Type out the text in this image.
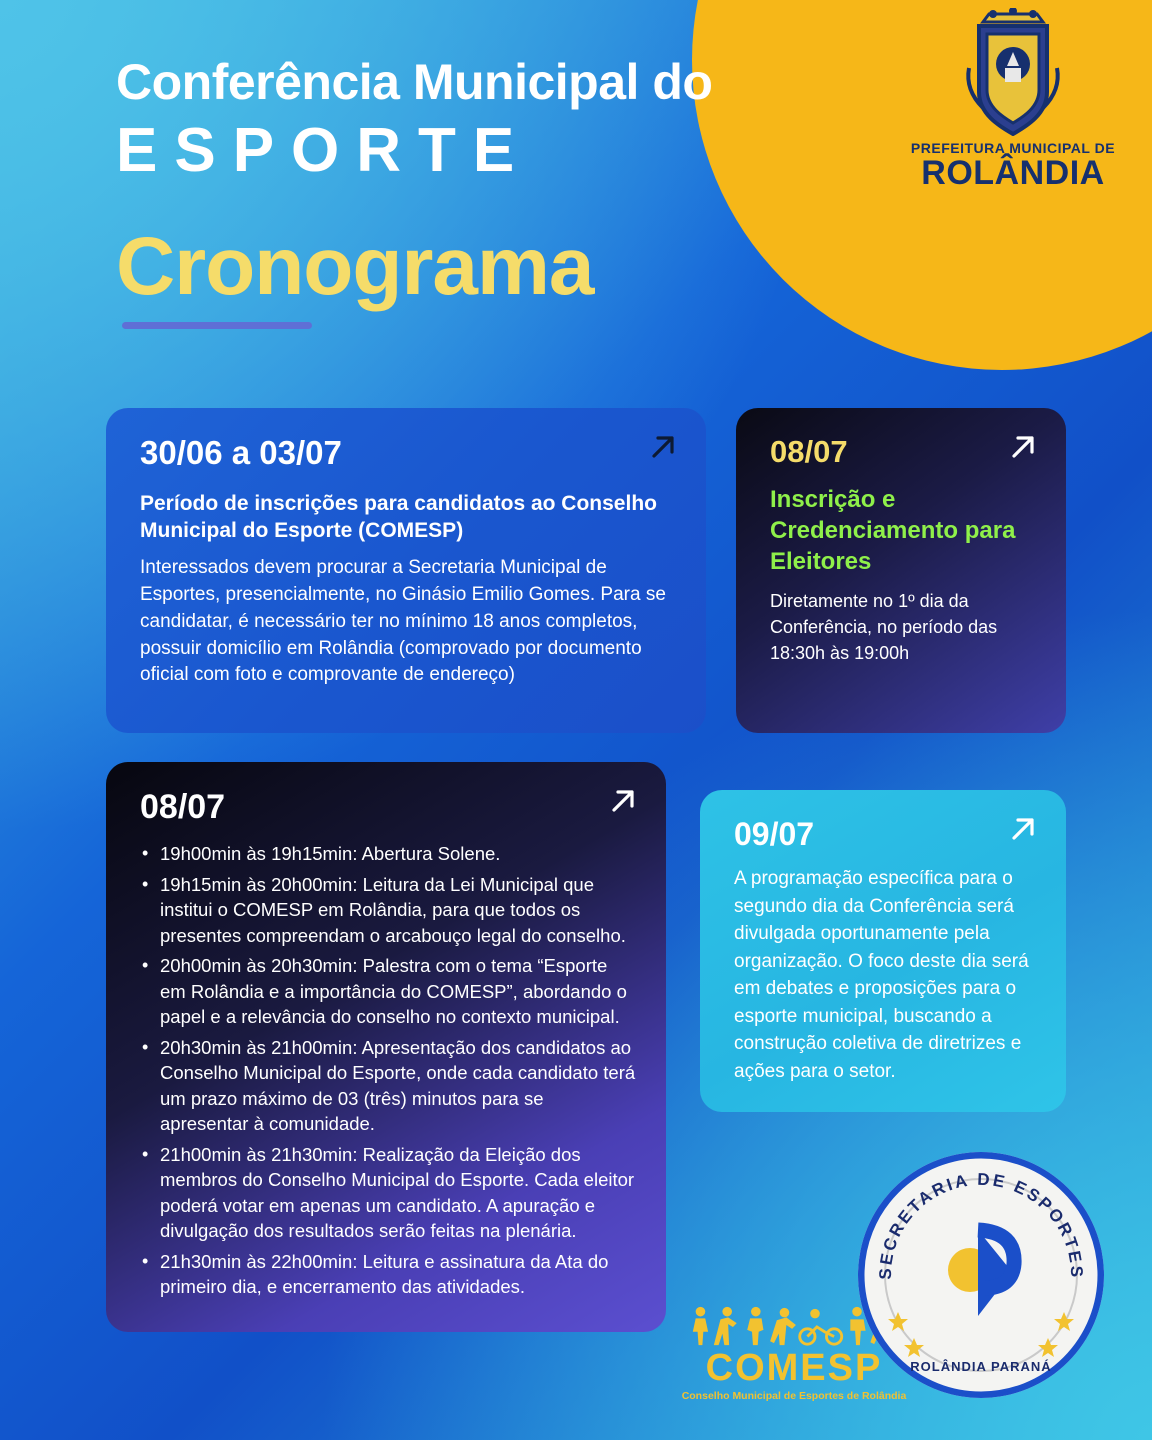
PREFEITURA MUNICIPAL DE
ROLÂNDIA
Conferência Municipal do
ESPORTE
Cronograma
30/06 a 03/07
Período de inscrições para candidatos ao Conselho Municipal do Esporte (COMESP)
Interessados devem procurar a Secretaria Municipal de Esportes, presencialmente, no Ginásio Emilio Gomes. Para se candidatar, é necessário ter no mínimo 18 anos completos, possuir domicílio em Rolândia (comprovado por documento oficial com foto e comprovante de endereço)
08/07
Inscrição e Credenciamento para Eleitores
Diretamente no 1º dia da Conferência, no período das 18:30h às 19:00h
08/07
• 19h00min às 19h15min: Abertura Solene.
• 19h15min às 20h00min: Leitura da Lei Municipal que institui o COMESP em Rolândia, para que todos os presentes compreendam o arcabouço legal do conselho.
• 20h00min às 20h30min: Palestra com o tema “Esporte em Rolândia e a importância do COMESP”, abordando o papel e a relevância do conselho no contexto municipal.
• 20h30min às 21h00min: Apresentação dos candidatos ao Conselho Municipal do Esporte, onde cada candidato terá um prazo máximo de 03 (três) minutos para se apresentar à comunidade.
• 21h00min às 21h30min: Realização da Eleição dos membros do Conselho Municipal do Esporte. Cada eleitor poderá votar em apenas um candidato. A apuração e divulgação dos resultados serão feitas na plenária.
• 21h30min às 22h00min: Leitura e assinatura da Ata do primeiro dia, e encerramento das atividades.
09/07
A programação específica para o segundo dia da Conferência será divulgada oportunamente pela organização. O foco deste dia será em debates e proposições para o esporte municipal, buscando a construção coletiva de diretrizes e ações para o setor.
COMESP
Conselho Municipal de Esportes de Rolândia
SECRETARIA DE ESPORTES
ROLÂNDIA PARANÁ
